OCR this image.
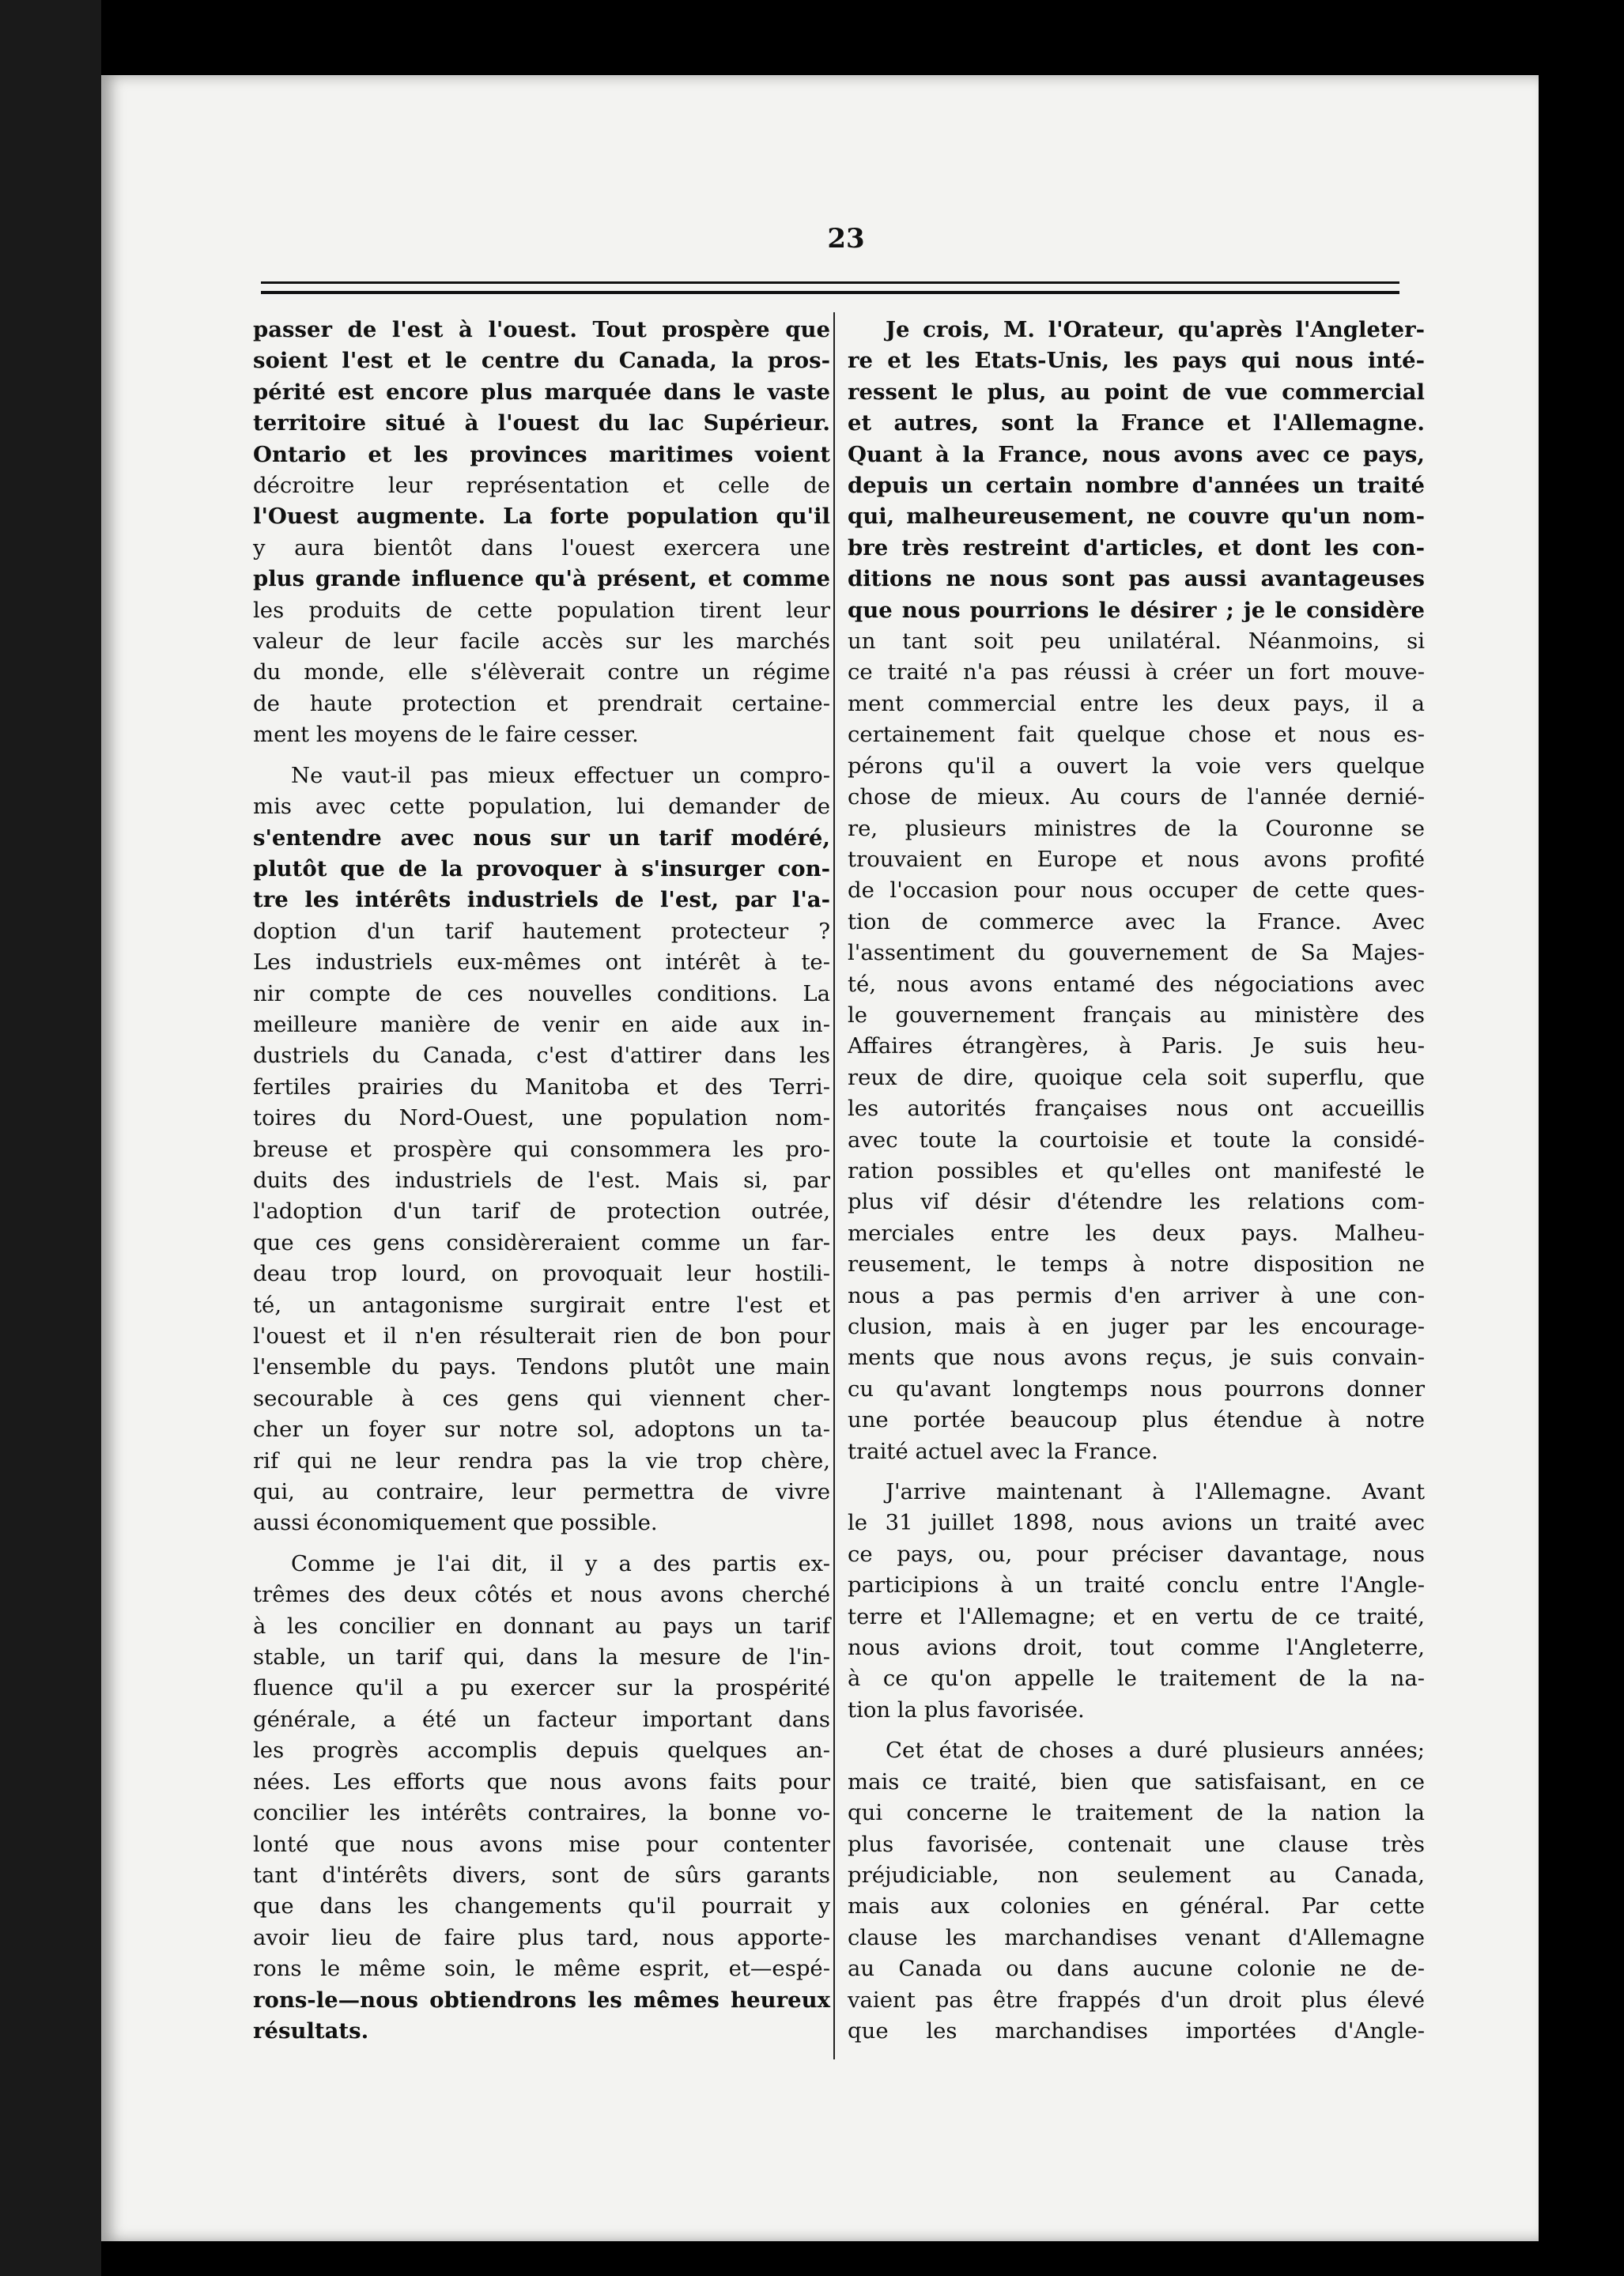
23

passer de l'est à l'ouest. Tout prospère que
soient l'est et le centre du Canada, la pros-
périté est encore plus marquée dans le vaste
territoire situé à l'ouest du lac Supérieur.
Ontario et les provinces maritimes voient
décroitre leur représentation et celle de
l'Ouest augmente. La forte population qu'il
y aura bientôt dans l'ouest exercera une
plus grande influence qu'à présent, et comme
les produits de cette population tirent leur
valeur de leur facile accès sur les marchés
du monde, elle s'élèverait contre un régime
de haute protection et prendrait certaine-
ment les moyens de le faire cesser.

Ne vaut-il pas mieux effectuer un compro-
mis avec cette population, lui demander de
s'entendre avec nous sur un tarif modéré,
plutôt que de la provoquer à s'insurger con-
tre les intérêts industriels de l'est, par l'a-
doption d'un tarif hautement protecteur ?
Les industriels eux-mêmes ont intérêt à te-
nir compte de ces nouvelles conditions. La
meilleure manière de venir en aide aux in-
dustriels du Canada, c'est d'attirer dans les
fertiles prairies du Manitoba et des Terri-
toires du Nord-Ouest, une population nom-
breuse et prospère qui consommera les pro-
duits des industriels de l'est. Mais si, par
l'adoption d'un tarif de protection outrée,
que ces gens considèreraient comme un far-
deau trop lourd, on provoquait leur hostili-
té, un antagonisme surgirait entre l'est et
l'ouest et il n'en résulterait rien de bon pour
l'ensemble du pays. Tendons plutôt une main
secourable à ces gens qui viennent cher-
cher un foyer sur notre sol, adoptons un ta-
rif qui ne leur rendra pas la vie trop chère,
qui, au contraire, leur permettra de vivre
aussi économiquement que possible.

Comme je l'ai dit, il y a des partis ex-
trêmes des deux côtés et nous avons cherché
à les concilier en donnant au pays un tarif
stable, un tarif qui, dans la mesure de l'in-
fluence qu'il a pu exercer sur la prospérité
générale, a été un facteur important dans
les progrès accomplis depuis quelques an-
nées. Les efforts que nous avons faits pour
concilier les intérêts contraires, la bonne vo-
lonté que nous avons mise pour contenter
tant d'intérêts divers, sont de sûrs garants
que dans les changements qu'il pourrait y
avoir lieu de faire plus tard, nous apporte-
rons le même soin, le même esprit, et—espé-
rons-le—nous obtiendrons les mêmes heureux
résultats.

Je crois, M. l'Orateur, qu'après l'Angleter-
re et les Etats-Unis, les pays qui nous inté-
ressent le plus, au point de vue commercial
et autres, sont la France et l'Allemagne.
Quant à la France, nous avons avec ce pays,
depuis un certain nombre d'années un traité
qui, malheureusement, ne couvre qu'un nom-
bre très restreint d'articles, et dont les con-
ditions ne nous sont pas aussi avantageuses
que nous pourrions le désirer ; je le considère
un tant soit peu unilatéral. Néanmoins, si
ce traité n'a pas réussi à créer un fort mouve-
ment commercial entre les deux pays, il a
certainement fait quelque chose et nous es-
pérons qu'il a ouvert la voie vers quelque
chose de mieux. Au cours de l'année dernié-
re, plusieurs ministres de la Couronne se
trouvaient en Europe et nous avons profité
de l'occasion pour nous occuper de cette ques-
tion de commerce avec la France. Avec
l'assentiment du gouvernement de Sa Majes-
té, nous avons entamé des négociations avec
le gouvernement français au ministère des
Affaires étrangères, à Paris. Je suis heu-
reux de dire, quoique cela soit superflu, que
les autorités françaises nous ont accueillis
avec toute la courtoisie et toute la considé-
ration possibles et qu'elles ont manifesté le
plus vif désir d'étendre les relations com-
merciales entre les deux pays. Malheu-
reusement, le temps à notre disposition ne
nous a pas permis d'en arriver à une con-
clusion, mais à en juger par les encourage-
ments que nous avons reçus, je suis convain-
cu qu'avant longtemps nous pourrons donner
une portée beaucoup plus étendue à notre
traité actuel avec la France.

J'arrive maintenant à l'Allemagne. Avant
le 31 juillet 1898, nous avions un traité avec
ce pays, ou, pour préciser davantage, nous
participions à un traité conclu entre l'Angle-
terre et l'Allemagne; et en vertu de ce traité,
nous avions droit, tout comme l'Angleterre,
à ce qu'on appelle le traitement de la na-
tion la plus favorisée.

Cet état de choses a duré plusieurs années;
mais ce traité, bien que satisfaisant, en ce
qui concerne le traitement de la nation la
plus favorisée, contenait une clause très
préjudiciable, non seulement au Canada,
mais aux colonies en général. Par cette
clause les marchandises venant d'Allemagne
au Canada ou dans aucune colonie ne de-
vaient pas être frappés d'un droit plus élevé
que les marchandises importées d'Angle-
